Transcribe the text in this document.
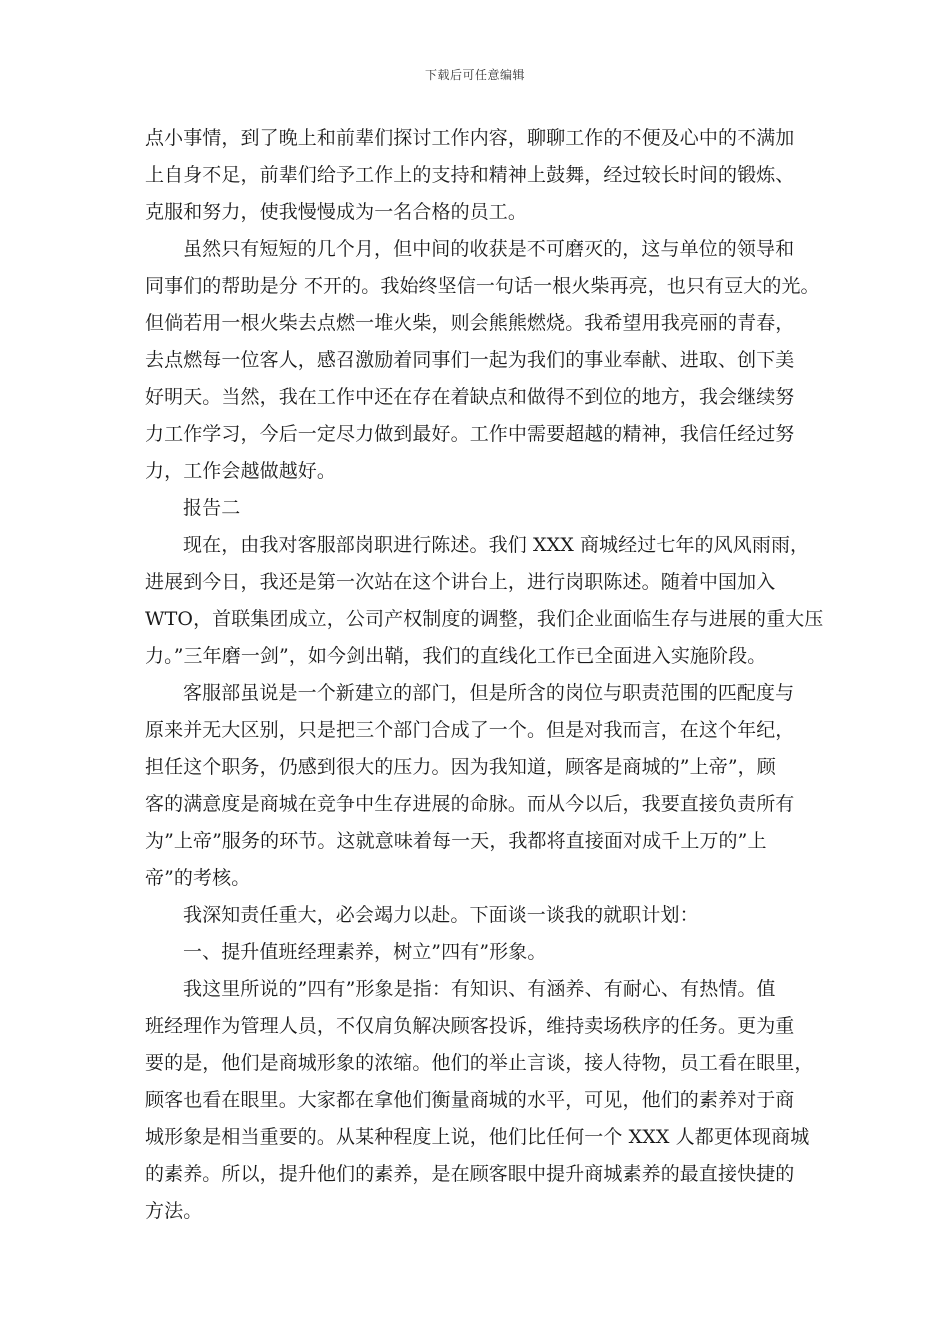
下载后可任意编辑
点小事情，到了晚上和前辈们探讨工作内容，聊聊工作的不便及心中的不满加
上自身不足，前辈们给予工作上的支持和精神上鼓舞，经过较长时间的锻炼、
克服和努力，使我慢慢成为一名合格的员工。
虽然只有短短的几个月，但中间的收获是不可磨灭的，这与单位的领导和
同事们的帮助是分 不开的。我始终坚信一句话一根火柴再亮，也只有豆大的光。
但倘若用一根火柴去点燃一堆火柴，则会熊熊燃烧。我希望用我亮丽的青春，
去点燃每一位客人，感召激励着同事们一起为我们的事业奉献、进取、创下美
好明天。当然，我在工作中还在存在着缺点和做得不到位的地方，我会继续努
力工作学习，今后一定尽力做到最好。工作中需要超越的精神，我信任经过努
力，工作会越做越好。
报告二
现在，由我对客服部岗职进行陈述。我们 XXX 商城经过七年的风风雨雨，
进展到今日，我还是第一次站在这个讲台上，进行岗职陈述。随着中国加入
WTO，首联集团成立，公司产权制度的调整，我们企业面临生存与进展的重大压
力。”三年磨一剑”，如今剑出鞘，我们的直线化工作已全面进入实施阶段。
客服部虽说是一个新建立的部门，但是所含的岗位与职责范围的匹配度与
原来并无大区别，只是把三个部门合成了一个。但是对我而言，在这个年纪，
担任这个职务，仍感到很大的压力。因为我知道，顾客是商城的”上帝”，顾
客的满意度是商城在竞争中生存进展的命脉。而从今以后，我要直接负责所有
为”上帝”服务的环节。这就意味着每一天，我都将直接面对成千上万的”上
帝”的考核。
我深知责任重大，必会竭力以赴。下面谈一谈我的就职计划：
一、提升值班经理素养，树立”四有”形象。
我这里所说的”四有”形象是指：有知识、有涵养、有耐心、有热情。值
班经理作为管理人员，不仅肩负解决顾客投诉，维持卖场秩序的任务。更为重
要的是，他们是商城形象的浓缩。他们的举止言谈，接人待物，员工看在眼里，
顾客也看在眼里。大家都在拿他们衡量商城的水平，可见，他们的素养对于商
城形象是相当重要的。从某种程度上说，他们比任何一个 XXX 人都更体现商城
的素养。所以，提升他们的素养，是在顾客眼中提升商城素养的最直接快捷的
方法。
